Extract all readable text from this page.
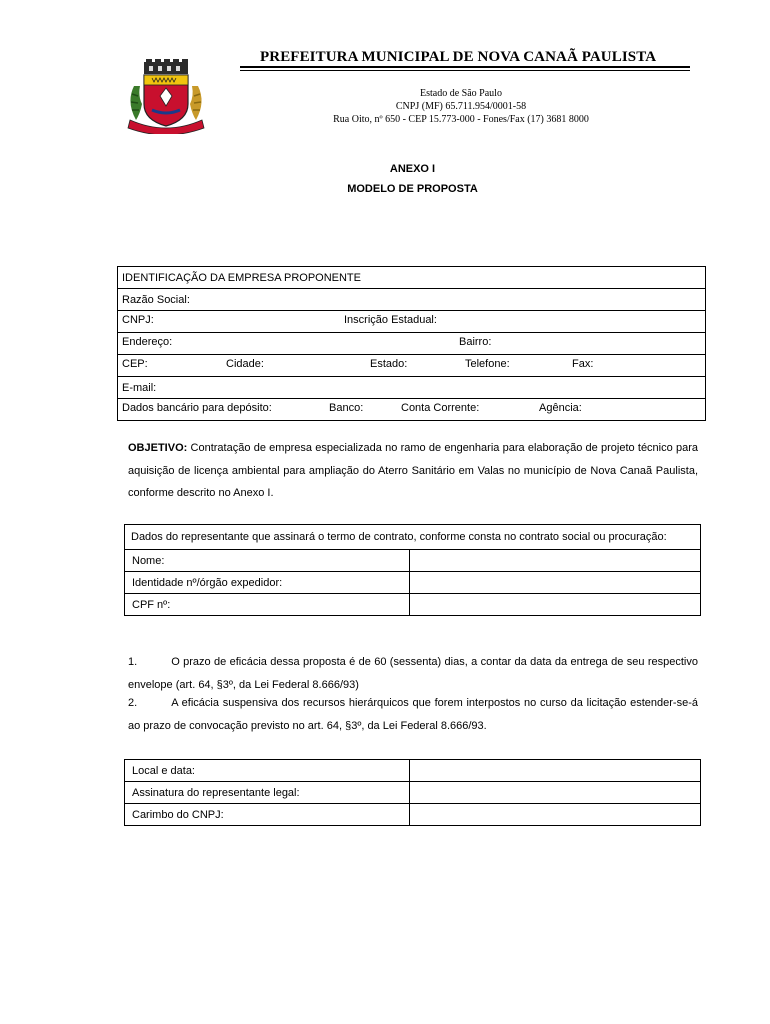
PREFEITURA MUNICIPAL DE NOVA CANAÃ PAULISTA
Estado de São Paulo
CNPJ (MF) 65.711.954/0001-58
Rua Oito, nº 650 - CEP 15.773-000 - Fones/Fax (17) 3681 8000
ANEXO I
MODELO DE PROPOSTA
IDENTIFICAÇÃO DA EMPRESA PROPONENTE
Razão Social:

CNPJ:	Inscrição Estadual:

Endereço:	Bairro:

CEP:	Cidade:	Estado:	Telefone:	Fax:

E-mail:

Dados bancário para depósito:	Banco:	Conta Corrente:	Agência:
OBJETIVO: Contratação de empresa especializada no ramo de engenharia para elaboração de projeto técnico para aquisição de licença ambiental para ampliação do Aterro Sanitário em Valas no município de Nova Canaã Paulista, conforme descrito no Anexo I.
Dados do representante que assinará o termo de contrato, conforme consta no contrato social ou procuração:	
Nome:	
Identidade nº/órgão expedidor:	
CPF nº:	
1.	O prazo de eficácia dessa proposta é de 60 (sessenta) dias, a contar da data da entrega de seu respectivo envelope (art. 64, §3º, da Lei Federal 8.666/93)
2.	A eficácia suspensiva dos recursos hierárquicos que forem interpostos no curso da licitação estender-se-á ao prazo de convocação previsto no art. 64, §3º, da Lei Federal 8.666/93.
Local e data:	
Assinatura do representante legal:	
Carimbo do CNPJ:	
